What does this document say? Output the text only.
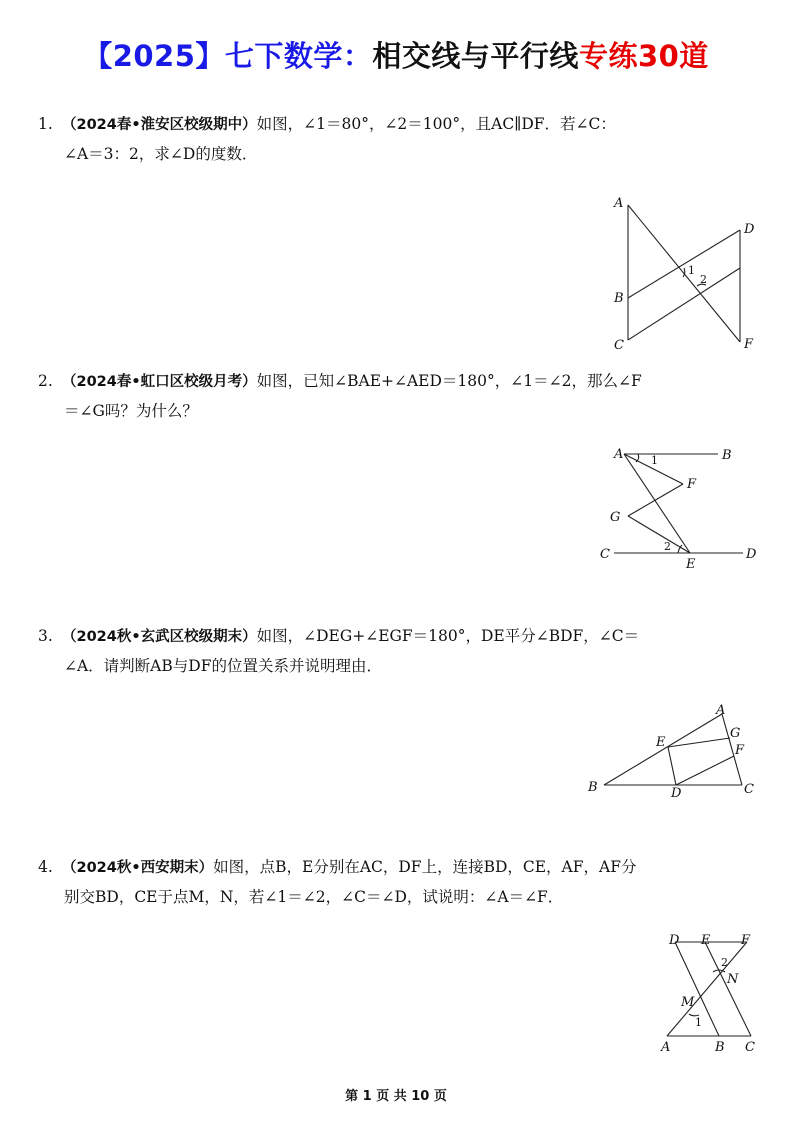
【2025】七下数学：相交线与平行线专练30道
1. （2024春•淮安区校级期中）如图，∠1＝80°，∠2＝100°，且AC∥DF．若∠C：
∠A＝3：2，求∠D的度数．
A
B
C
D
F
1
2
2. （2024春•虹口区校级月考）如图，已知∠BAE+∠AED＝180°，∠1＝∠2，那么∠F
＝∠G吗？为什么？
A	B
F
G
C	D
E
1
2
3. （2024秋•玄武区校级期末）如图，∠DEG+∠EGF＝180°，DE平分∠BDF，∠C＝
∠A．请判断AB与DF的位置关系并说明理由．
A
G
E
F
B	D	C
4. （2024秋•西安期末）如图，点B，E分别在AC，DF上，连接BD，CE，AF，AF分
别交BD，CE于点M，N，若∠1＝∠2，∠C＝∠D，试说明：∠A＝∠F．
D E F
2
N
M
1
A	B C
第 1 页 共 10 页
